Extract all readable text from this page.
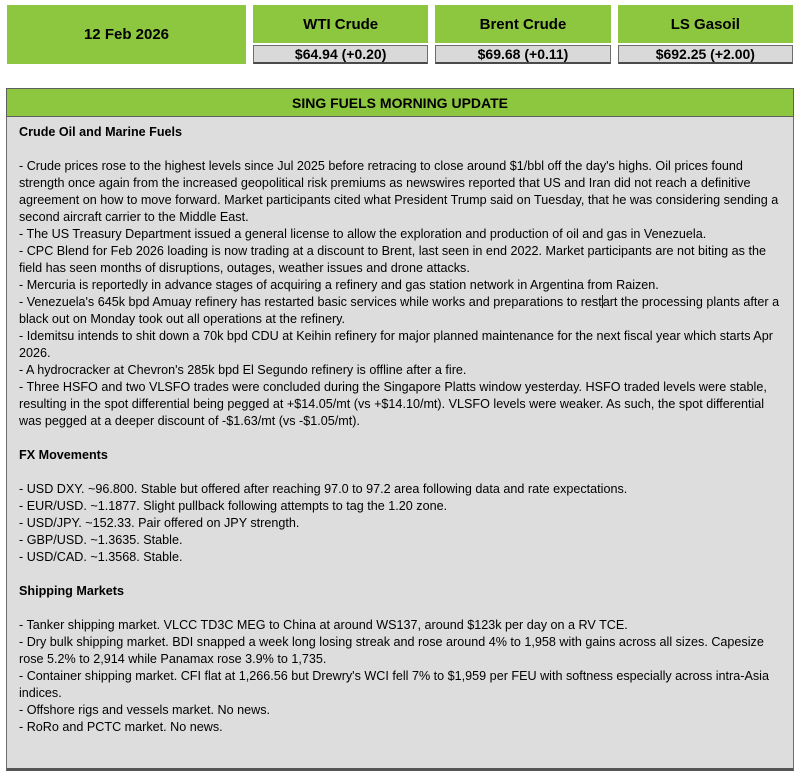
12 Feb 2026
WTI Crude
$64.94 (+0.20)
Brent Crude
$69.68 (+0.11)
LS Gasoil
$692.25 (+2.00)
SING FUELS MORNING UPDATE

Crude Oil and Marine Fuels

- Crude prices rose to the highest levels since Jul 2025 before retracing to close around $1/bbl off the day's highs. Oil prices found strength once again from the increased geopolitical risk premiums as newswires reported that US and Iran did not reach a definitive agreement on how to move forward. Market participants cited what President Trump said on Tuesday, that he was considering sending a second aircraft carrier to the Middle East.

- The US Treasury Department issued a general license to allow the exploration and production of oil and gas in Venezuela.

- CPC Blend for Feb 2026 loading is now trading at a discount to Brent, last seen in end 2022. Market participants are not biting as the field has seen months of disruptions, outages, weather issues and drone attacks.

- Mercuria is reportedly in advance stages of acquiring a refinery and gas station network in Argentina from Raizen.

- Venezuela's 645k bpd Amuay refinery has restarted basic services while works and preparations to restart the processing plants after a black out on Monday took out all operations at the refinery.

- Idemitsu intends to shit down a 70k bpd CDU at Keihin refinery for major planned maintenance for the next fiscal year which starts Apr 2026.

- A hydrocracker at Chevron's 285k bpd El Segundo refinery is offline after a fire.

- Three HSFO and two VLSFO trades were concluded during the Singapore Platts window yesterday. HSFO traded levels were stable, resulting in the spot differential being pegged at +$14.05/mt (vs +$14.10/mt). VLSFO levels were weaker. As such, the spot differential was pegged at a deeper discount of -$1.63/mt (vs -$1.05/mt).

FX Movements

- USD DXY. ~96.800. Stable but offered after reaching 97.0 to 97.2 area following data and rate expectations.

- EUR/USD. ~1.1877. Slight pullback following attempts to tag the 1.20 zone.

- USD/JPY. ~152.33. Pair offered on JPY strength.

- GBP/USD. ~1.3635. Stable.

- USD/CAD. ~1.3568. Stable.

Shipping Markets

- Tanker shipping market. VLCC TD3C MEG to China at around WS137, around $123k per day on a RV TCE.

- Dry bulk shipping market. BDI snapped a week long losing streak and rose around 4% to 1,958 with gains across all sizes. Capesize rose 5.2% to 2,914 while Panamax rose 3.9% to 1,735.

- Container shipping market. CFI flat at 1,266.56 but Drewry's WCI fell 7% to $1,959 per FEU with softness especially across intra-Asia indices.

- Offshore rigs and vessels market. No news.

- RoRo and PCTC market. No news.
